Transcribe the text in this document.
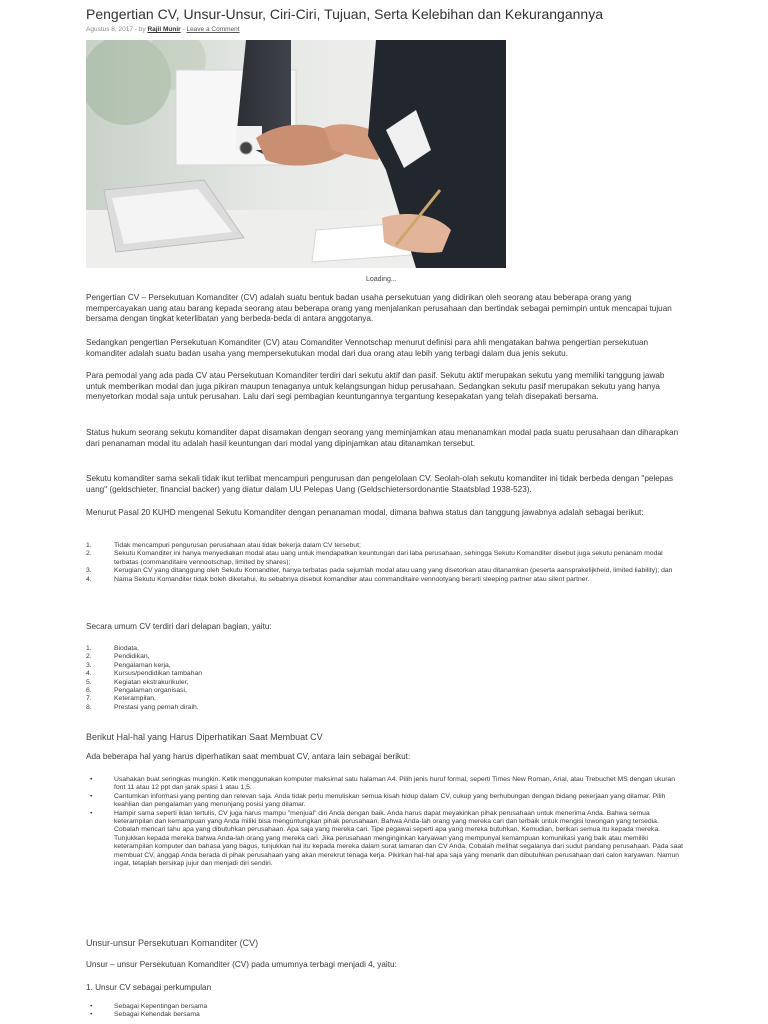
Pengertian CV, Unsur-Unsur, Ciri-Ciri, Tujuan, Serta Kelebihan dan Kekurangannya
Agustus 8, 2017 - by Rajil Munir - Leave a Comment
Loading...

Pengertian CV – Persekutuan Komanditer (CV) adalah suatu bentuk badan usaha persekutuan yang didirikan oleh seorang atau beberapa orang yang mempercayakan uang atau barang kepada seorang atau beberapa orang yang menjalankan perusahaan dan bertindak sebagai pemimpin untuk mencapai tujuan bersama dengan tingkat keterlibatan yang berbeda-beda di antara anggotanya.

Sedangkan pengertian Persekutuan Komanditer (CV) atau Comanditer Vennotschap menurut definisi para ahli mengatakan bahwa pengertian persekutuan komanditer adalah suatu badan usaha yang mempersekutukan modal dari dua orang atau lebih yang terbagi dalam dua jenis sekutu.

Para pemodal yang ada pada CV atau Persekutuan Komanditer terdiri dari sekutu aktif dan pasif. Sekutu aktif merupakan sekutu yang memiliki tanggung jawab untuk memberikan modal dan juga pikiran maupun tenaganya untuk kelangsungan hidup perusahaan. Sedangkan sekutu pasif merupakan sekutu yang hanya menyetorkan modal saja untuk perusahan. Lalu dari segi pembagian keuntungannya tergantung kesepakatan yang telah disepakati bersama.

Status hukum seorang sekutu komanditer dapat disamakan dengan seorang yang meminjamkan atau menanamkan modal pada suatu perusahaan dan diharapkan dari penanaman modal itu adalah hasil keuntungan dari modal yang dipinjamkan atau ditanamkan tersebut.

Sekutu komanditer sama sekali tidak ikut terlibat mencampuri pengurusan dan pengelolaan CV. Seolah-olah sekutu komanditer ini tidak berbeda dengan "pelepas uang" (geldschieter, financial backer) yang diatur dalam UU Pelepas Uang (Geldschietersordonantie Staatsblad 1938-523).

Menurut Pasal 20 KUHD mengenal Sekutu Komanditer dengan penanaman modal, dimana bahwa status dan tanggung jawabnya adalah sebagai berikut:

1.	Tidak mencampuri pengurusan perusahaan atau tidak bekerja dalam CV tersebut;
2.	Sekutu Komanditer ini hanya menyediakan modal atau uang untuk mendapatkan keuntungan dari laba perusahaan, sehingga Sekutu Komanditer disebut juga sekutu penanam modal terbatas (commanditaire vennootschap, limited by shares);
3.	Kerugian CV yang ditanggung oleh Sekutu Komanditer, hanya terbatas pada sejumlah modal atau uang yang disetorkan atau ditanamkan (peserta aansprakelijkheid, limited liability); dan
4.	Nama Sekutu Komanditer tidak boleh diketahui, itu sebabnya disebut komanditer atau commanditaire vennootyang berarti sleeping partner atau silent partner.

Secara umum CV terdiri dari delapan bagian, yaitu:

1.	Biodata,
2.	Pendidikan,
3.	Pengalaman kerja,
4.	Kursus/pendidikan tambahan
5.	Kegiatan ekstrakurikuler,
6.	Pengalaman organisasi,
7.	Keterampilan,
8.	Prestasi yang pernah diraih.
Berikut Hal-hal yang Harus Diperhatikan Saat Membuat CV

Ada beberapa hal yang harus diperhatikan saat membuat CV, antara lain sebagai berikut:

•	Usahakan buat seringkas mungkin. Ketik menggunakan komputer maksimal satu halaman A4. Pilih jenis huruf formal, seperti Times New Roman, Arial, atau Trebuchet MS dengan ukuran font 11 atau 12 ppt dan jarak spasi 1 atau 1,5.
•	Cantumkan informasi yang penting dan relevan saja. Anda tidak perlu menuliskan semua kisah hidup dalam CV, cukup yang berhubungan dengan bidang pekerjaan yang dilamar. Pilih keahlian dan pengalaman yang menunjang posisi yang dilamar.
•	Hampir sama seperti iklan tertulis, CV juga harus mampu "menjual" diri Anda dengan baik. Anda harus dapat meyakinkan pihak perusahaan untuk menerima Anda. Bahwa semua keterampilan dan kemampuan yang Anda miliki bisa menguntungkan pihak perusahaan. Bahwa Anda-lah orang yang mereka cari dan terbaik untuk mengisi lowongan yang tersedia. Cobalah mencari tahu apa yang dibutuhkan perusahaan. Apa saja yang mereka cari. Tipe pegawai seperti apa yang mereka butuhkan. Kemudian, berikan semua itu kepada mereka. Tunjukkan kepada mereka bahwa Anda-lah orang yang mereka cari. Jika perusahaan menginginkan karyawan yang mempunyai kemampuan komunikasi yang baik atau memiliki keterampilan komputer dan bahasa yang bagus, tunjukkan hal itu kepada mereka dalam surat lamaran dan CV Anda. Cobalah melihat segalanya dari sudut pandang perusahaan. Pada saat membuat CV, anggap Anda berada di pihak perusahaan yang akan merekrut tenaga kerja. Pikirkan hal-hal apa saja yang menarik dan dibutuhkan perusahaan dari calon karyawan. Namun ingat, tetaplah bersikap jujur dan menjadi diri sendiri.
Unsur-unsur Persekutuan Komanditer (CV)

Unsur – unsur Persekutuan Komanditer (CV) pada umumnya terbagi menjadi 4, yaitu:

1. Unsur CV sebagai perkumpulan

•	Sebagai Kepentingan bersama
•	Sebagai Kehendak bersama
